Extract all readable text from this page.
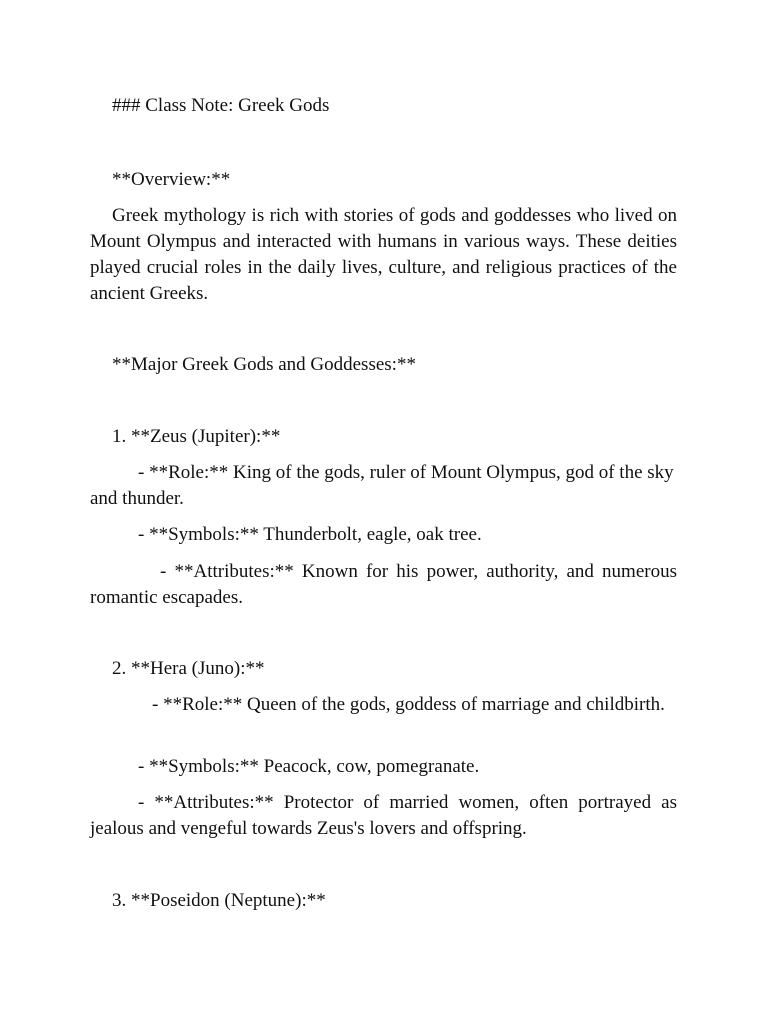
### Class Note: Greek Gods

**Overview:**

Greek mythology is rich with stories of gods and goddesses who lived on Mount Olympus and interacted with humans in various ways. These deities played crucial roles in the daily lives, culture, and religious practices of the ancient Greeks.

**Major Greek Gods and Goddesses:**

1. **Zeus (Jupiter):**

- **Role:** King of the gods, ruler of Mount Olympus, god of the sky and thunder.

- **Symbols:** Thunderbolt, eagle, oak tree.

- **Attributes:** Known for his power, authority, and numerous romantic escapades.

2. **Hera (Juno):**

- **Role:** Queen of the gods, goddess of marriage and childbirth.

- **Symbols:** Peacock, cow, pomegranate.

- **Attributes:** Protector of married women, often portrayed as jealous and vengeful towards Zeus's lovers and offspring.

3. **Poseidon (Neptune):**
